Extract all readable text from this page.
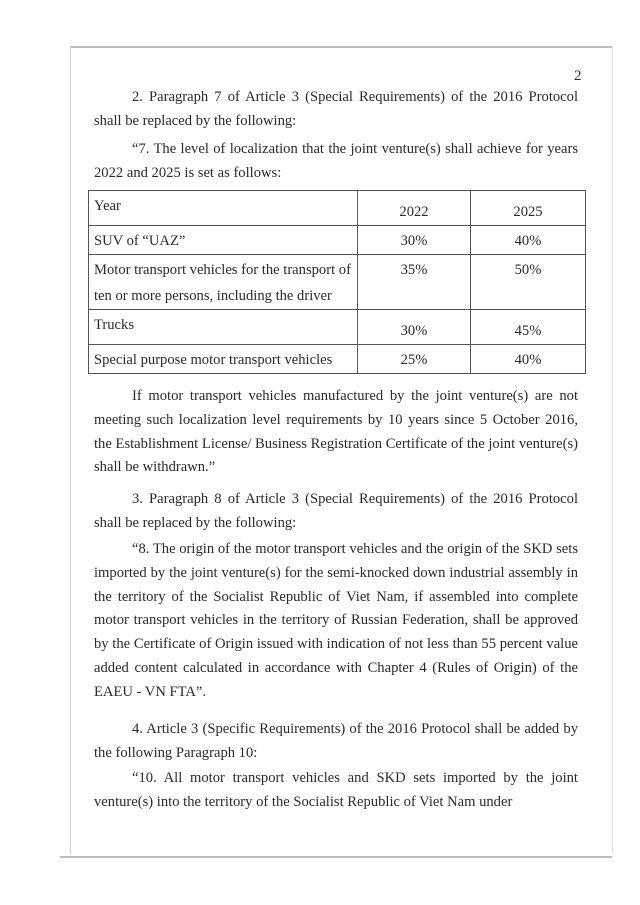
2
2. Paragraph 7 of Article 3 (Special Requirements) of the 2016 Protocol shall be replaced by the following:
“7. The level of localization that the joint venture(s) shall achieve for years 2022 and 2025 is set as follows:
Year	2022	2025
SUV of “UAZ”	30%	40%
Motor transport vehicles for the transport of ten or more persons, including the driver	35%	50%
Trucks	30%	45%
Special purpose motor transport vehicles	25%	40%
If motor transport vehicles manufactured by the joint venture(s) are not meeting such localization level requirements by 10 years since 5 October 2016, the Establishment License/ Business Registration Certificate of the joint venture(s) shall be withdrawn.”
3. Paragraph 8 of Article 3 (Special Requirements) of the 2016 Protocol shall be replaced by the following:
“8. The origin of the motor transport vehicles and the origin of the SKD sets imported by the joint venture(s) for the semi-knocked down industrial assembly in the territory of the Socialist Republic of Viet Nam, if assembled into complete motor transport vehicles in the territory of Russian Federation, shall be approved by the Certificate of Origin issued with indication of not less than 55 percent value added content calculated in accordance with Chapter 4 (Rules of Origin) of the EAEU - VN FTA”.
4. Article 3 (Specific Requirements) of the 2016 Protocol shall be added by the following Paragraph 10:
“10. All motor transport vehicles and SKD sets imported by the joint venture(s) into the territory of the Socialist Republic of Viet Nam under
